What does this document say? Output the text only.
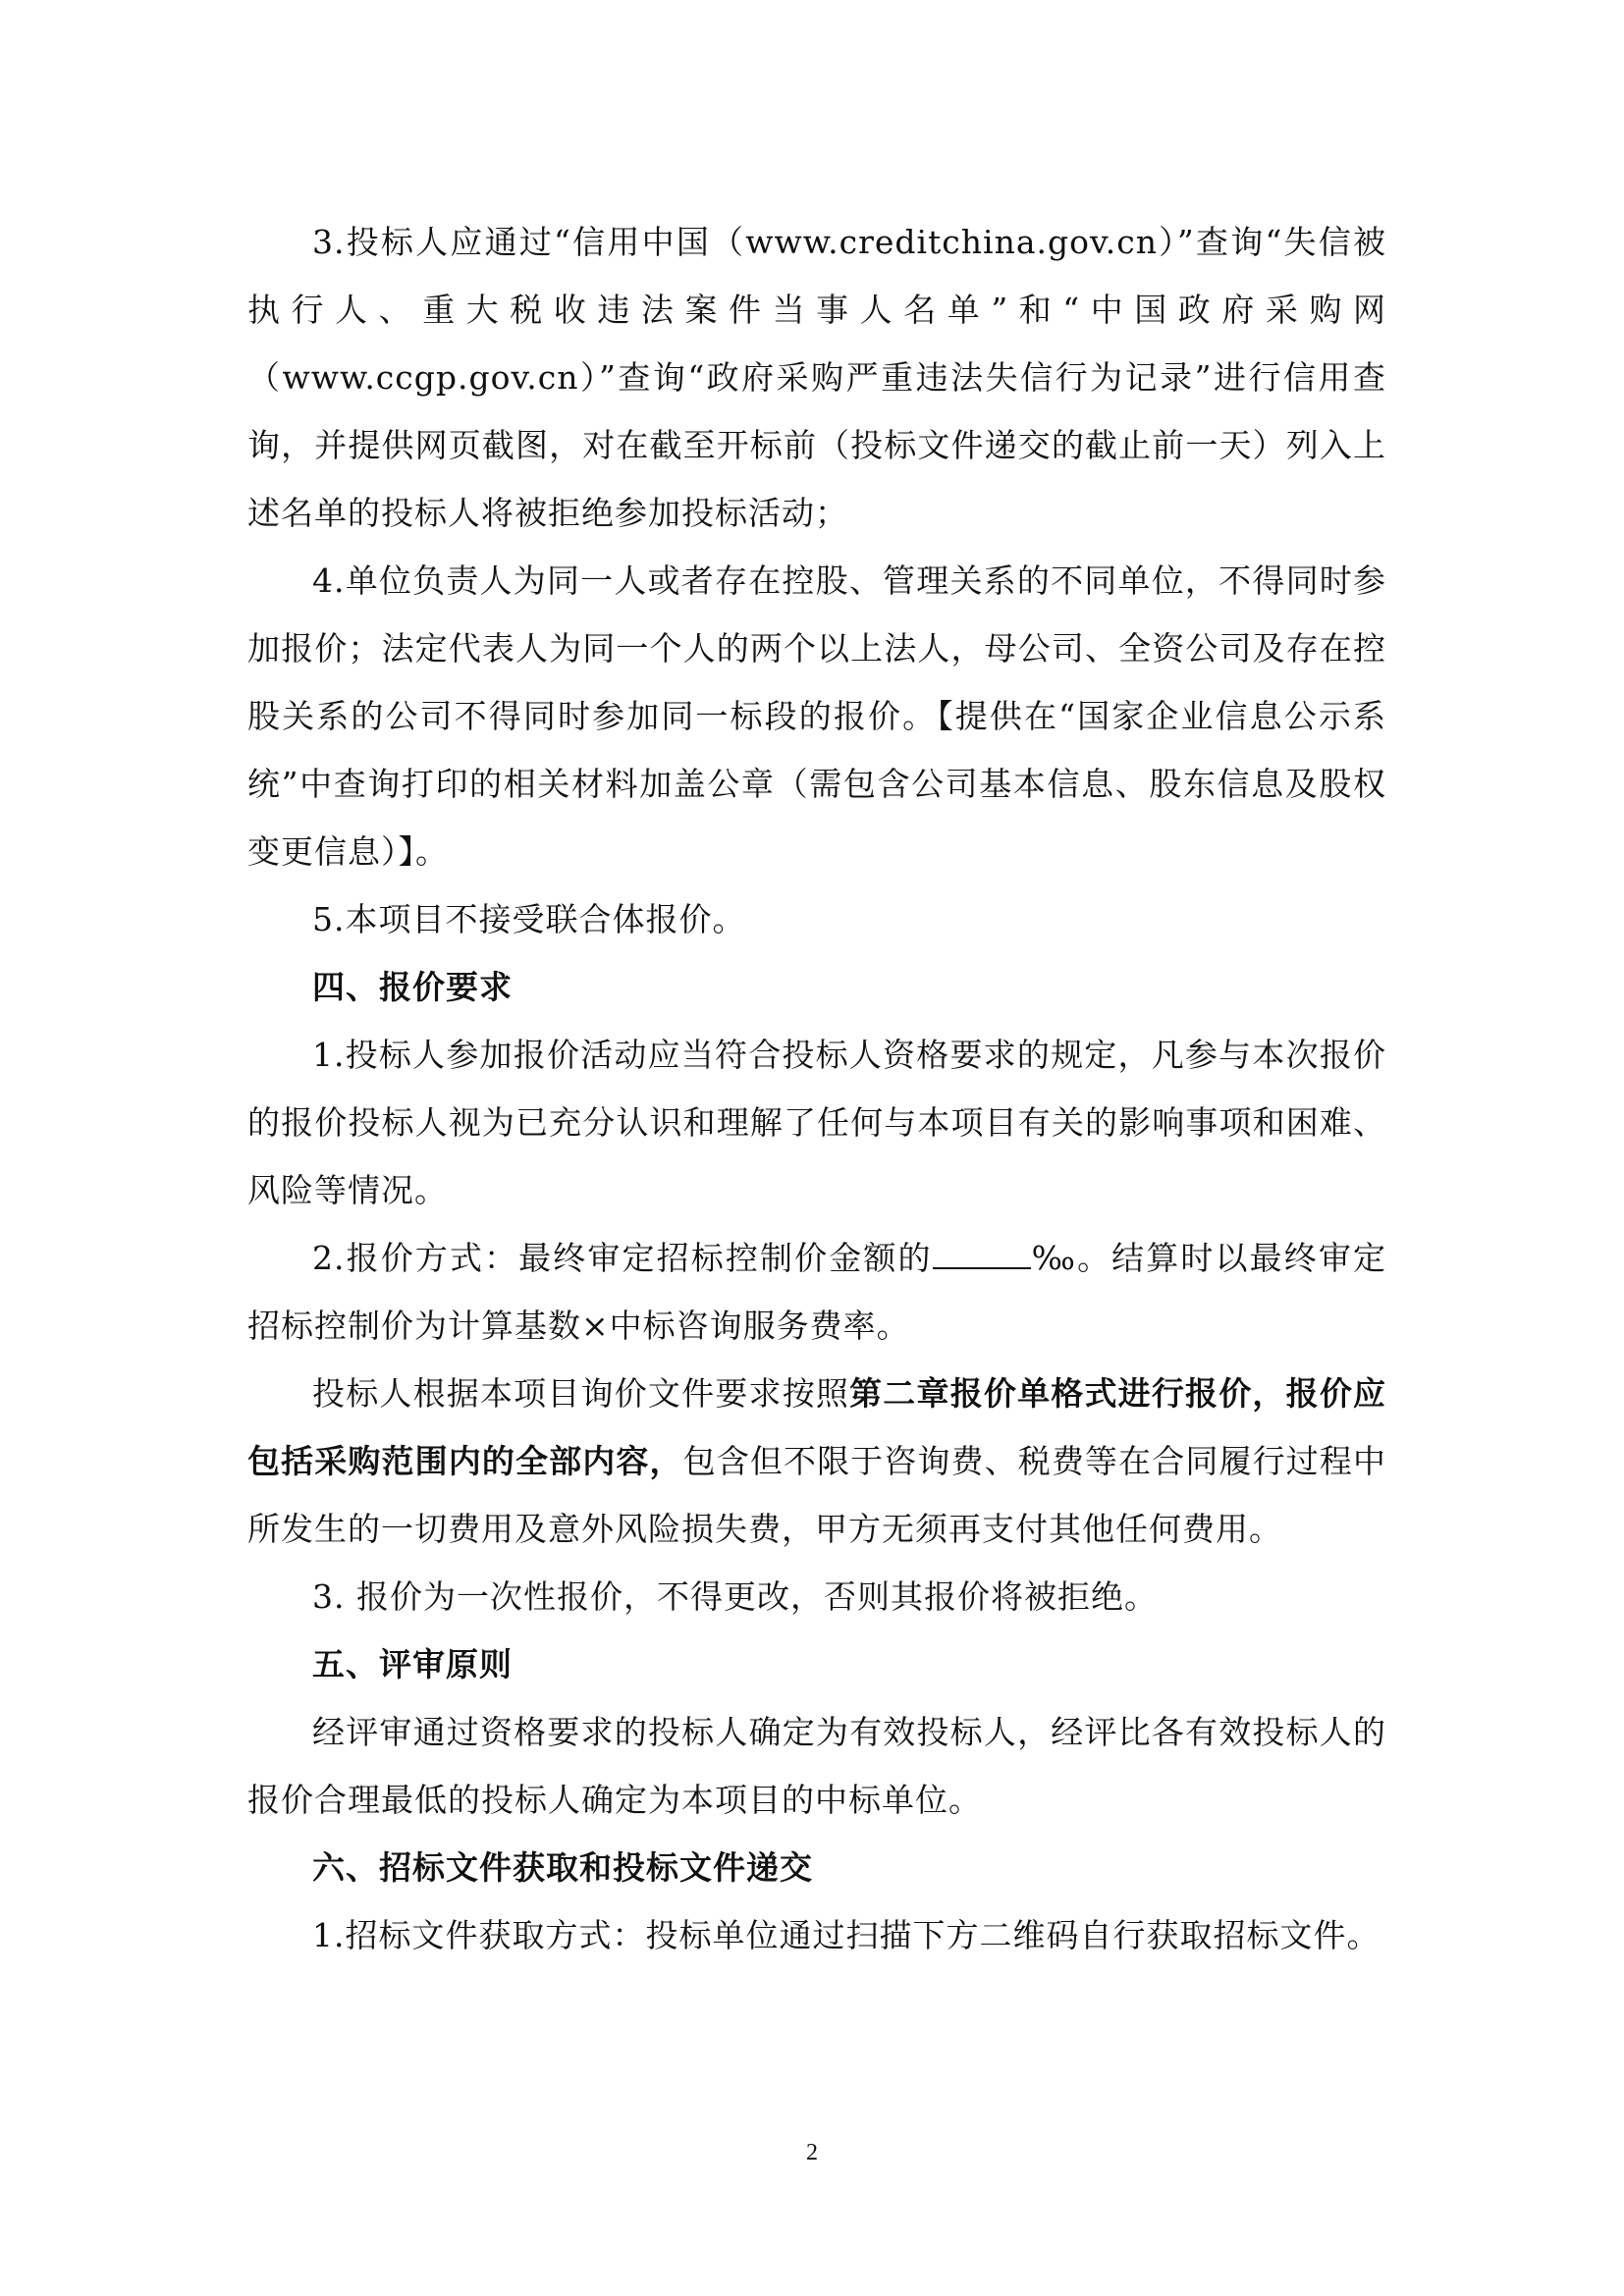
3.投标人应通过“信用中国（www.creditchina.gov.cn）”查询“失信被执行人、重大税收违法案件当事人名单”和“中国政府采购网（www.ccgp.gov.cn）”查询“政府采购严重违法失信行为记录”进行信用查询，并提供网页截图，对在截至开标前（投标文件递交的截止前一天）列入上述名单的投标人将被拒绝参加投标活动；

4.单位负责人为同一人或者存在控股、管理关系的不同单位，不得同时参加报价；法定代表人为同一个人的两个以上法人，母公司、全资公司及存在控股关系的公司不得同时参加同一标段的报价。【提供在“国家企业信息公示系统”中查询打印的相关材料加盖公章（需包含公司基本信息、股东信息及股权变更信息）】。

5.本项目不接受联合体报价。

四、报价要求

1.投标人参加报价活动应当符合投标人资格要求的规定，凡参与本次报价的报价投标人视为已充分认识和理解了任何与本项目有关的影响事项和困难、风险等情况。

2.报价方式：最终审定招标控制价金额的	‰。结算时以最终审定招标控制价为计算基数×中标咨询服务费率。

投标人根据本项目询价文件要求按照第二章报价单格式进行报价，报价应包括采购范围内的全部内容，包含但不限于咨询费、税费等在合同履行过程中所发生的一切费用及意外风险损失费，甲方无须再支付其他任何费用。

3. 报价为一次性报价，不得更改，否则其报价将被拒绝。

五、评审原则

经评审通过资格要求的投标人确定为有效投标人，经评比各有效投标人的报价合理最低的投标人确定为本项目的中标单位。

六、招标文件获取和投标文件递交

1.招标文件获取方式：投标单位通过扫描下方二维码自行获取招标文件。

2
